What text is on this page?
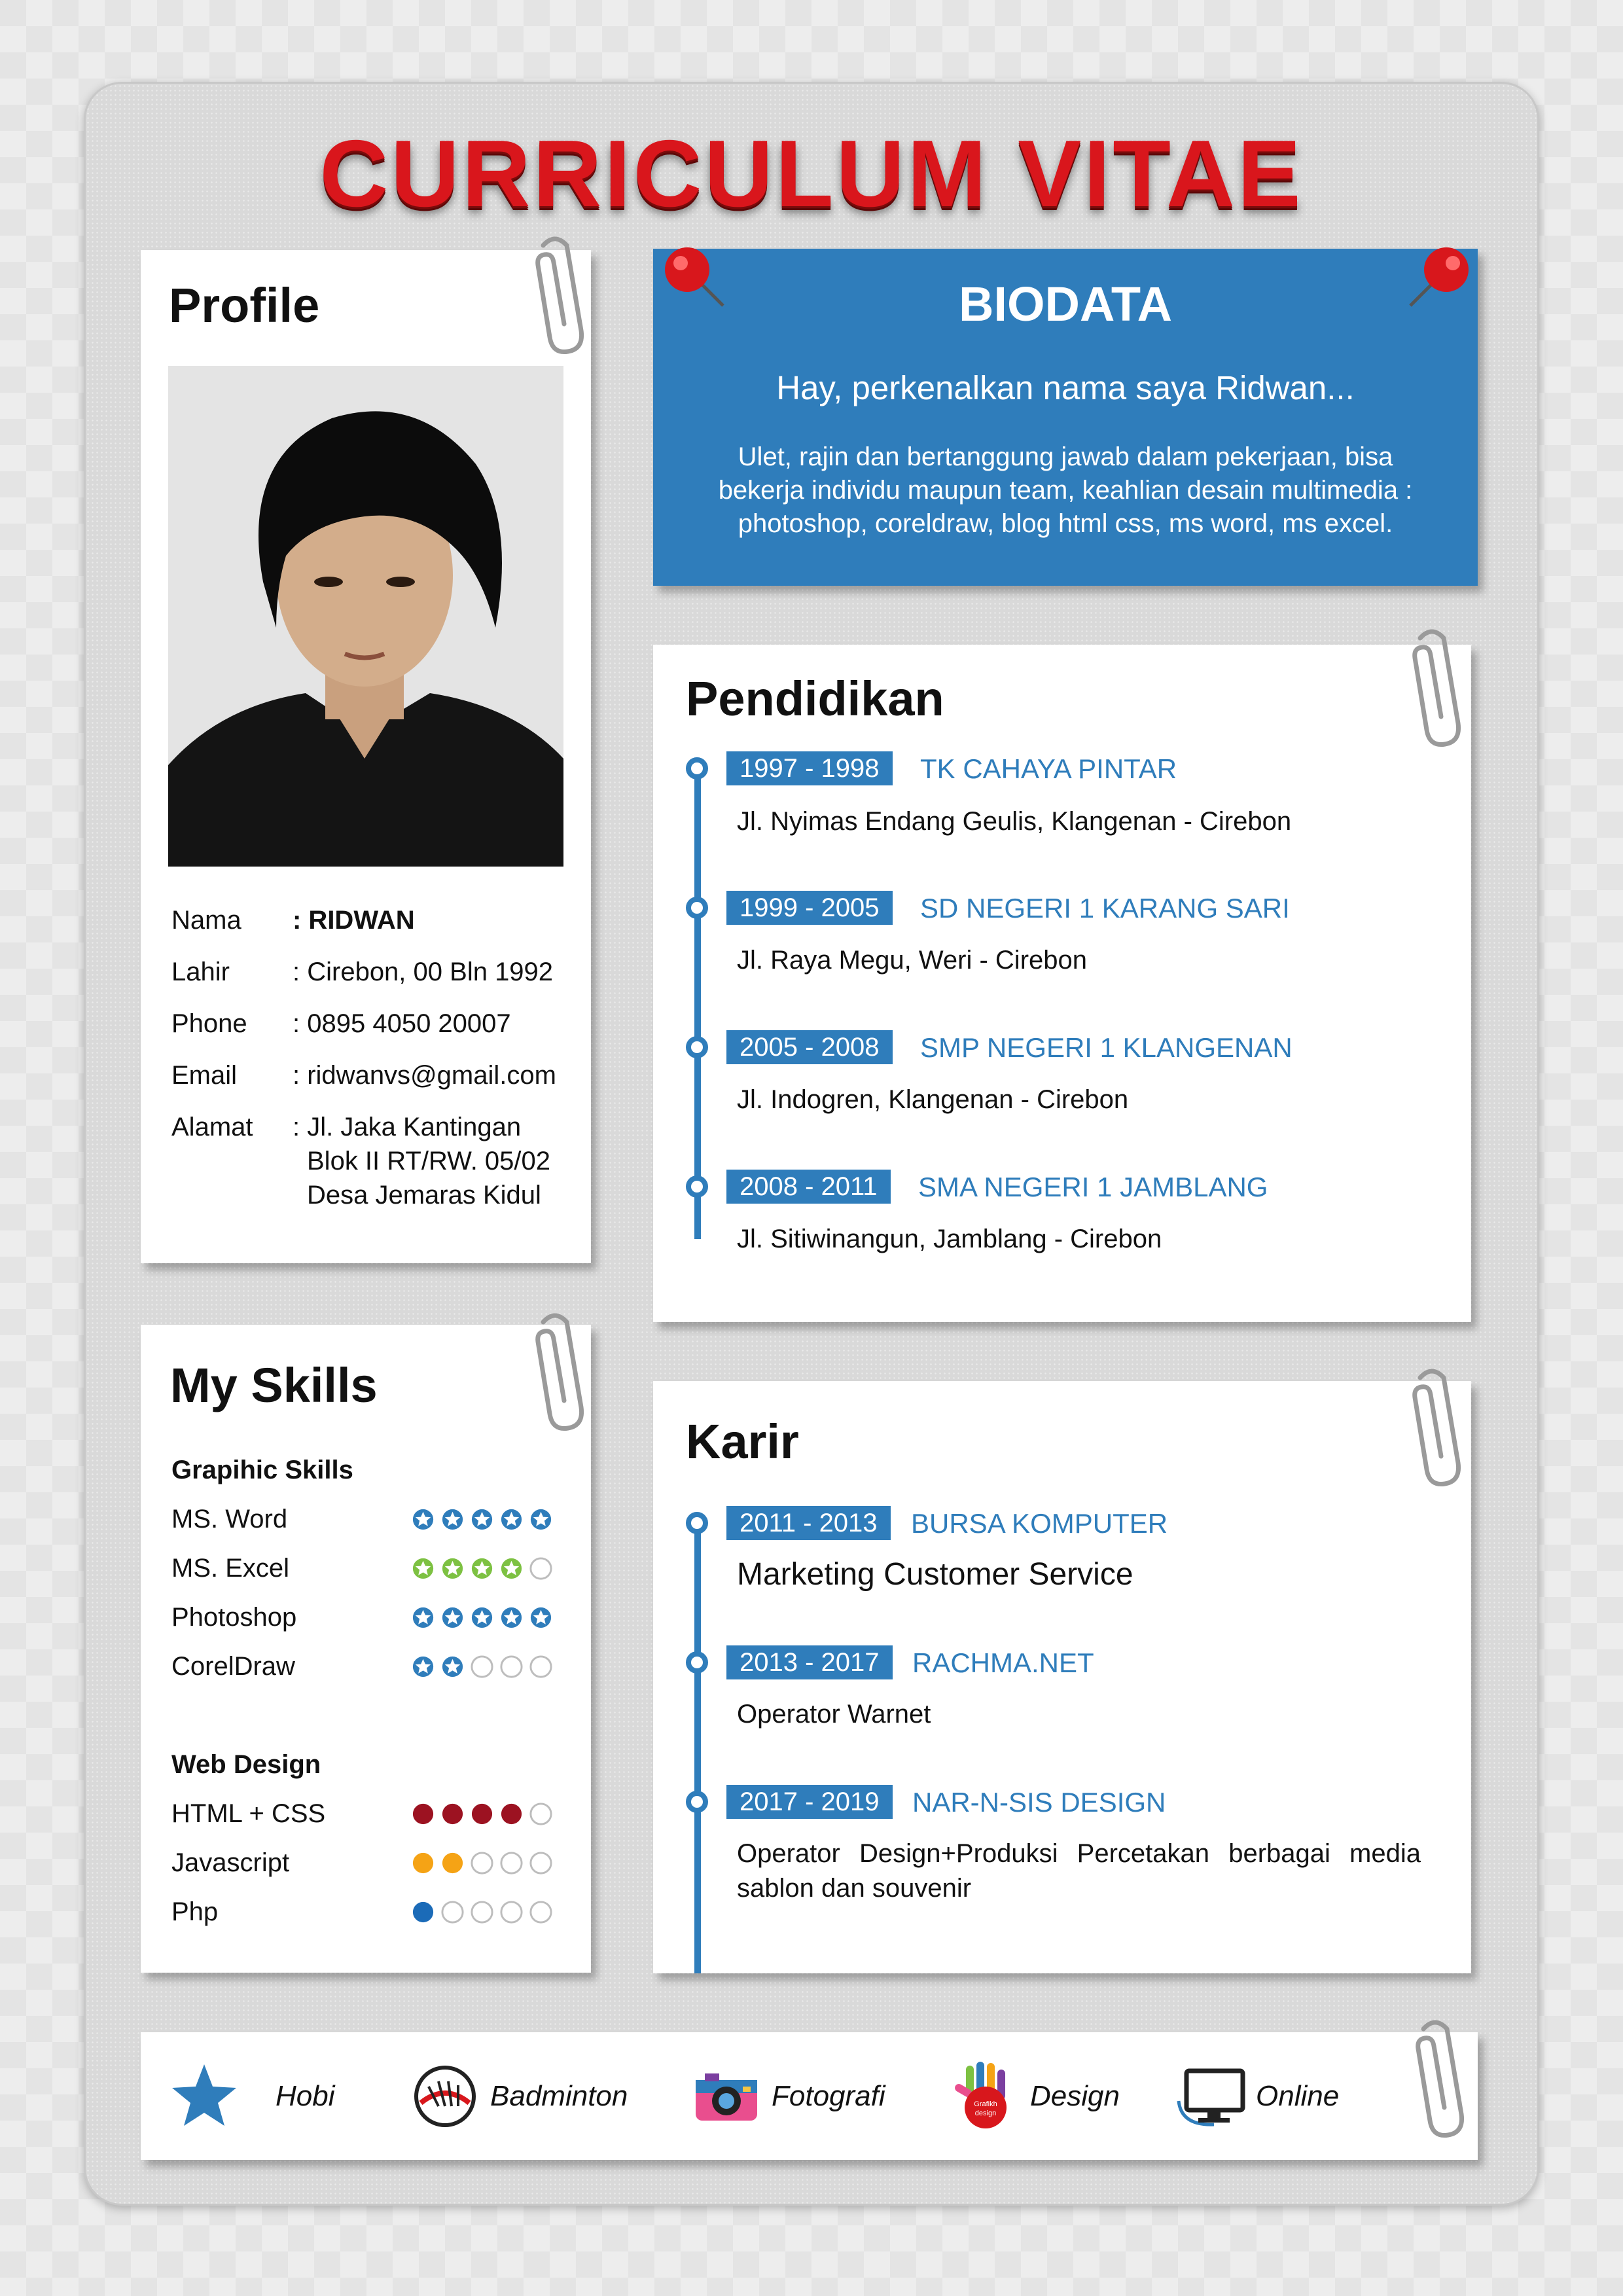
CURRICULUM VITAE
Profile
Nama : RIDWAN
Lahir : Cirebon, 00 Bln 1992
Phone : 0895 4050 20007
Email : ridwanvs@gmail.com
Alamat : Jl. Jaka Kantingan
Blok II RT/RW. 05/02
Desa Jemaras Kidul
BIODATA
Hay, perkenalkan nama saya Ridwan...
Ulet, rajin dan bertanggung jawab dalam pekerjaan, bisa bekerja individu maupun team, keahlian desain multimedia : photoshop, coreldraw, blog html css, ms word, ms excel.
Pendidikan
1997 - 1998	TK CAHAYA PINTAR
Jl. Nyimas Endang Geulis, Klangenan - Cirebon
1999 - 2005	SD NEGERI 1 KARANG SARI
Jl. Raya Megu, Weri - Cirebon
2005 - 2008	SMP NEGERI 1 KLANGENAN
Jl. Indogren, Klangenan - Cirebon
2008 - 2011	SMA NEGERI 1 JAMBLANG
Jl. Sitiwinangun, Jamblang - Cirebon
My Skills
Grapihic Skills
MS. Word
MS. Excel
Photoshop
CorelDraw
Web Design
HTML + CSS
Javascript
Php
Karir
2011 - 2013	BURSA KOMPUTER
Marketing Customer Service
2013 - 2017	RACHMA.NET
Operator Warnet
2017 - 2019	NAR-N-SIS DESIGN
Operator Design+Produksi Percetakan berbagai media
sablon dan souvenir
Hobi	Badminton	Fotografi	Grafikh
design
Design	Online
